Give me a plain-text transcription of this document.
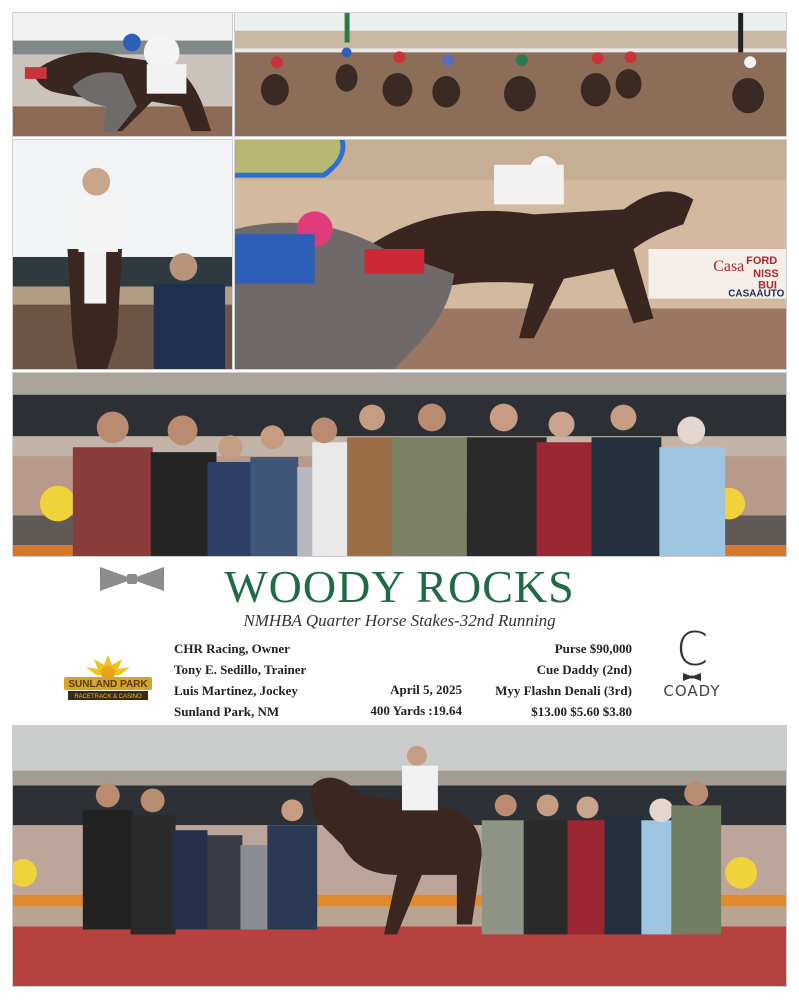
Casa FORD
NISS
BUI
CASAAUTO
WOODY ROCKS
NMHBA Quarter Horse Stakes-32nd Running
SUNLAND PARK
RACETRACK & CASINO
CHR Racing, Owner
Tony E. Sedillo, Trainer
Luis Martinez, Jockey
Sunland Park, NM
April 5, 2025
400 Yards :19.64
Purse $90,000
Cue Daddy (2nd)
Myy Flashn Denali (3rd)
$13.00 $5.60 $3.80
C
COADY
